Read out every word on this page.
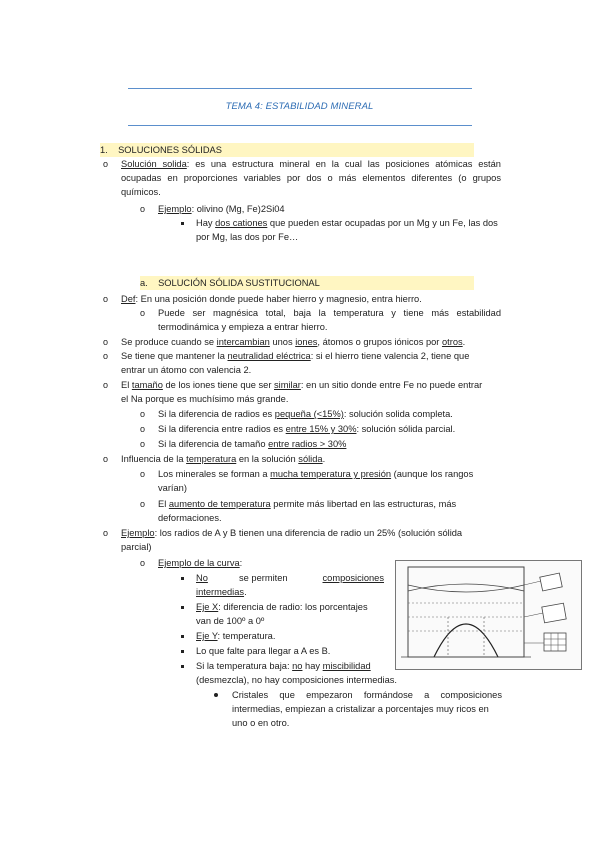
TEMA 4: ESTABILIDAD MINERAL
1. SOLUCIONES SÓLIDAS
o Solución solida: es una estructura mineral en la cual las posiciones atómicas están ocupadas en proporciones variables por dos o más elementos diferentes (o grupos químicos.
o Ejemplo: olivino (Mg, Fe)2Si04
Hay dos cationes que pueden estar ocupadas por un Mg y un Fe, las dos
por Mg, las dos por Fe…
a. SOLUCIÓN SÓLIDA SUSTITUCIONAL
o Def: En una posición donde puede haber hierro y magnesio, entra hierro.
o Puede ser magnésica total, baja la temperatura y tiene más estabilidad termodinámica y empieza a entrar hierro.
o Se produce cuando se intercambian unos iones, átomos o grupos iónicos por otros.
o Se tiene que mantener la neutralidad eléctrica: si el hierro tiene valencia 2, tiene que
entrar un átomo con valencia 2.
o El tamaño de los iones tiene que ser similar: en un sitio donde entre Fe no puede entrar
el Na porque es muchísimo más grande.
o Si la diferencia de radios es pequeña (<15%): solución solida completa.
o Si la diferencia entre radios es entre 15% y 30%: solución sólida parcial.
o Si la diferencia de tamaño entre radios > 30%
o Influencia de la temperatura en la solución sólida.
o Los minerales se forman a mucha temperatura y presión (aunque los rangos
varían)
o El aumento de temperatura permite más libertad en las estructuras, más
deformaciones.
o Ejemplo: los radios de A y B tienen una diferencia de radio un 25% (solución sólida
parcial)
o Ejemplo de la curva:
No	se permiten	composiciones
intermedias.
Eje X: diferencia de radio: los porcentajes
van de 100º a 0º
Eje Y: temperatura.
Lo que falte para llegar a A es B.
Si la temperatura baja: no hay miscibilidad
(desmezcla), no hay composiciones intermedias.
Cristales que empezaron formándose a composiciones
intermedias, empiezan a cristalizar a porcentajes muy ricos en
uno o en otro.
